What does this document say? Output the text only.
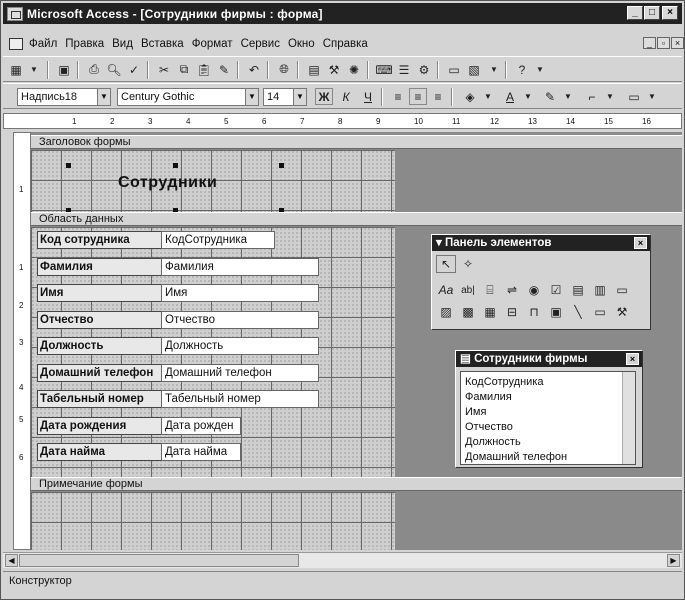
Microsoft Access - [Сотрудники фирмы : форма]	_	□	×
Файл Правка Вид Вставка Формат Сервис Окно Справка	_	▫	×
▦	▼	▣	⎙ 🔍︎ ✓	✂ ⧉ 📋︎ ✎	↶	🌐︎	▤ ⚒ ✺	⌨ ☰ ⚙	▭ ▧	▼	?	▼
Надпись18	▼	Century Gothic	▼	14	▼ Ж	К	Ч	≡	≡	≡	◈	▼	A	▼	✎	▼	⌐	▼	▭	▼
1	2	3	4	5	6	7	8	9	10	11	12	13	14	15	16
1
1
2
3
4
5
6
Заголовок формы
Сотрудники
Область данных
Код сотрудника	КодСотрудника
Фамилия	Фамилия
Имя	Имя
Отчество	Отчество
Должность	Должность
Домашний телефон	Домашний телефон
Табельный номер	Табельный номер
Дата рождения	Дата рожден
Дата найма	Дата найма
Примечание формы
▾ Панель элементов	×
↖ ✧
Aa ab| ⌸	⇌ ◉ ☑ ▤ ▥ ▭
▨ ▩ ▦ ⊟	⊓ ▣	╲	▭ ⚒
▤ Сотрудники фирмы	×
КодСотрудника
Фамилия
Имя
Отчество
Должность
Домашний телефон
◀	▶
Конструктор
